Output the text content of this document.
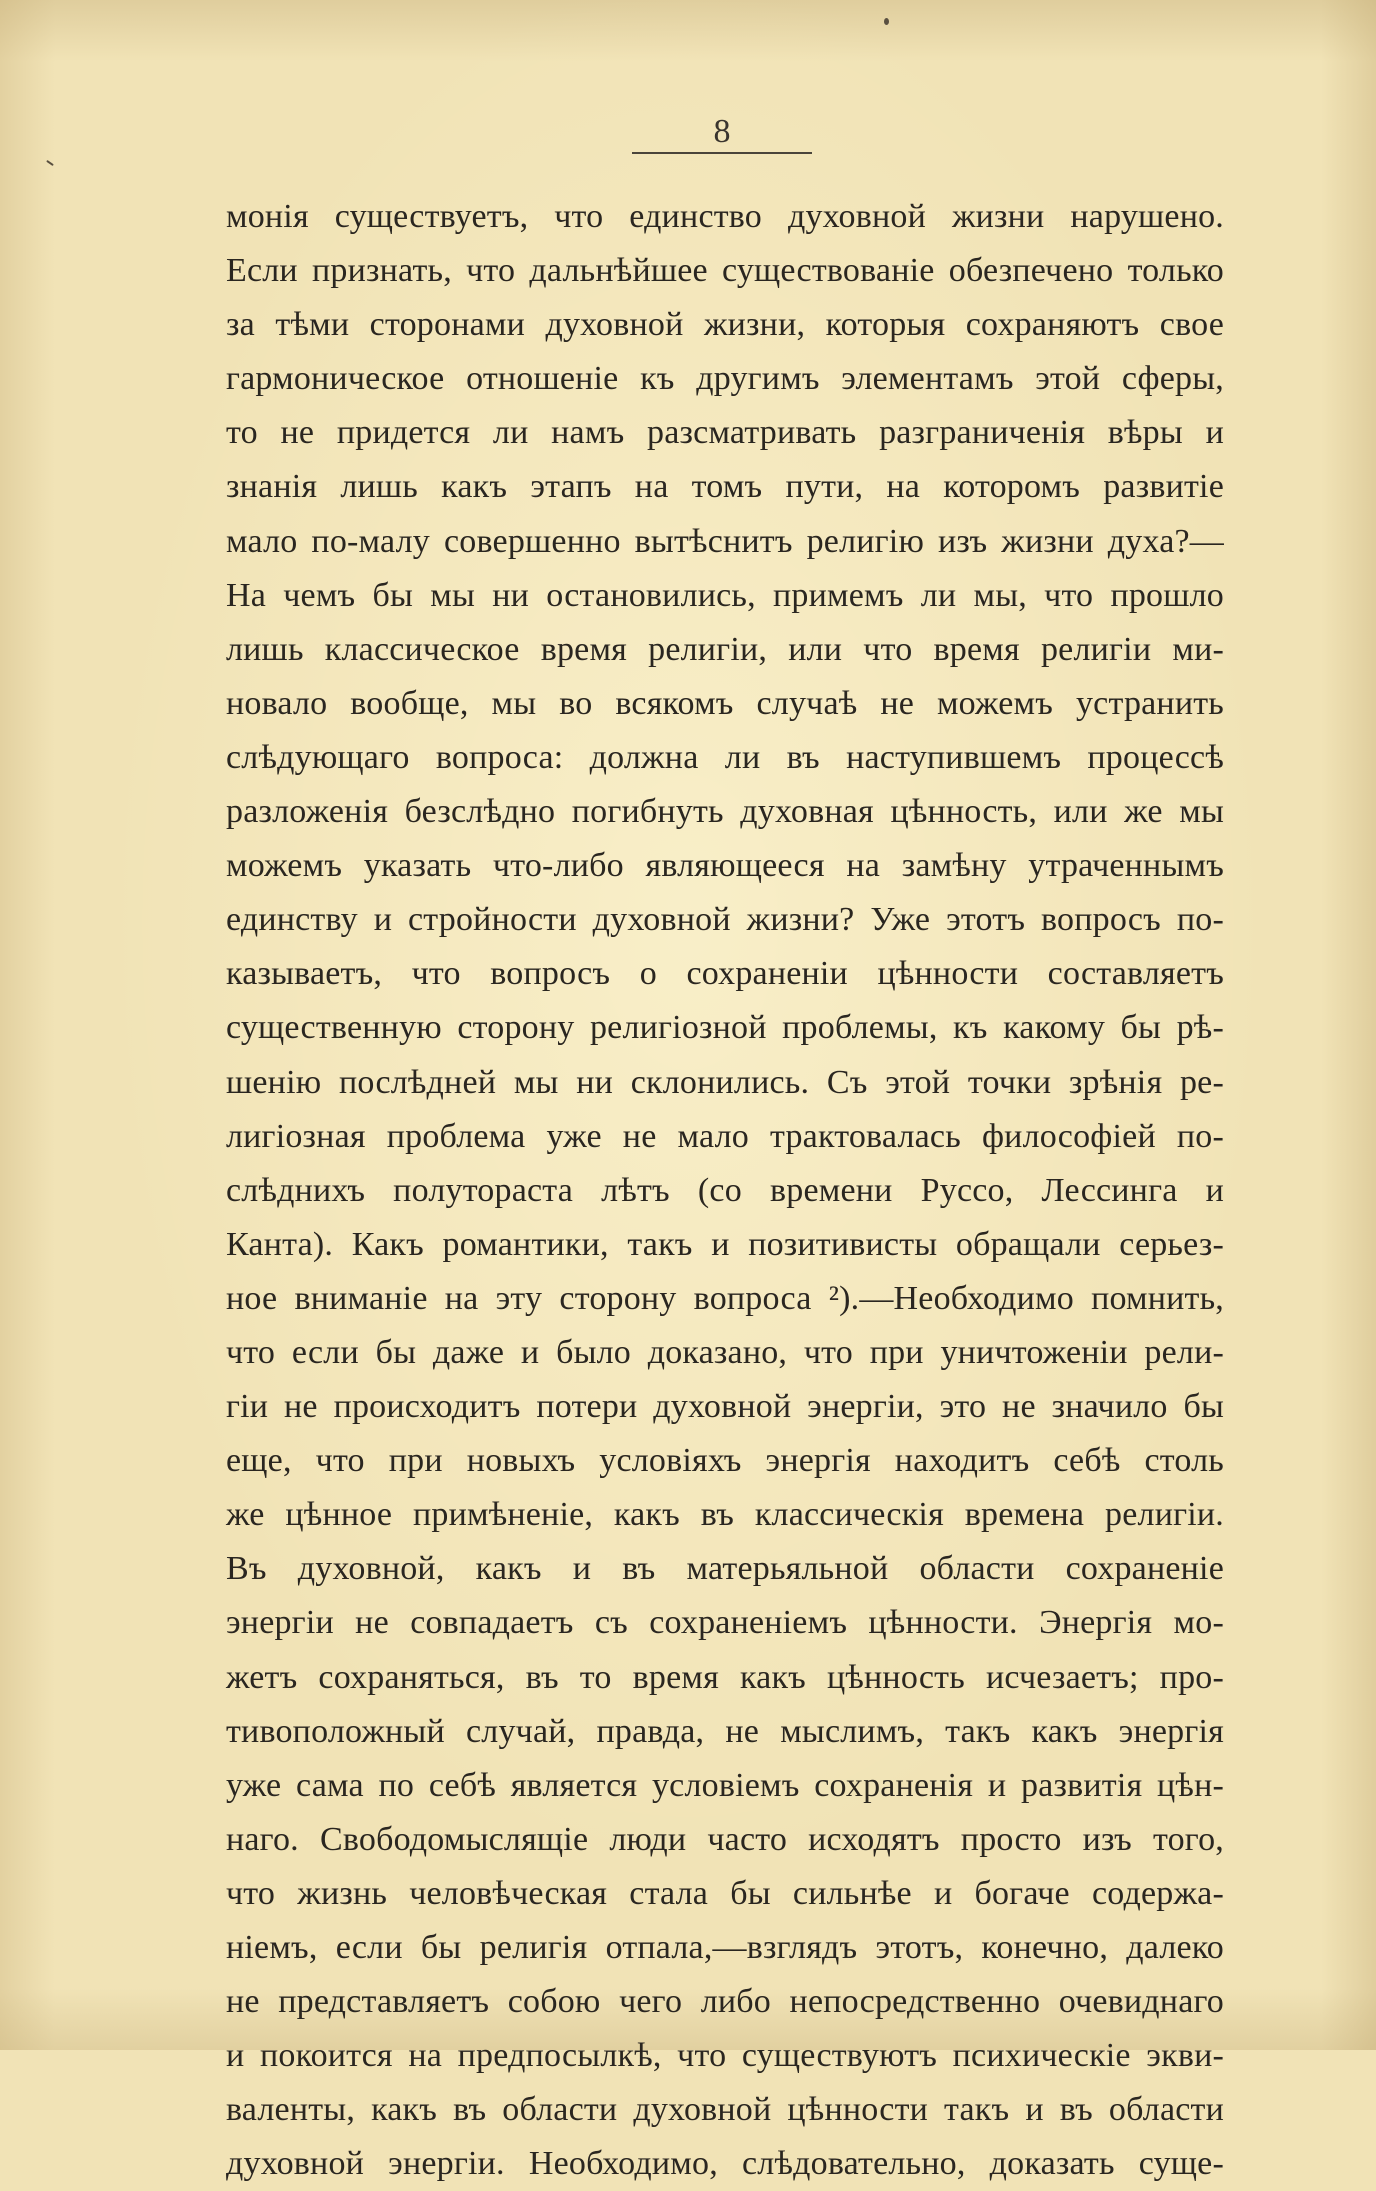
8
монія существуетъ, что единство духовной жизни нарушено.
Если признать, что дальнѣйшее существованіе обезпечено только
за тѣми сторонами духовной жизни, которыя сохраняютъ свое
гармоническое отношеніе къ другимъ элементамъ этой сферы,
то не придется ли намъ разсматривать разграниченія вѣры и
знанія лишь какъ этапъ на томъ пути, на которомъ развитіе
мало по-малу совершенно вытѣснитъ религію изъ жизни духа?—
На чемъ бы мы ни остановились, примемъ ли мы, что прошло
лишь классическое время религіи, или что время религіи ми-
новало вообще, мы во всякомъ случаѣ не можемъ устранить
слѣдующаго вопроса: должна ли въ наступившемъ процессѣ
разложенія безслѣдно погибнуть духовная цѣнность, или же мы
можемъ указать что-либо являющееся на замѣну утраченнымъ
единству и стройности духовной жизни? Уже этотъ вопросъ по-
казываетъ, что вопросъ о сохраненіи цѣнности составляетъ
существенную сторону религіозной проблемы, къ какому бы рѣ-
шенію послѣдней мы ни склонились. Съ этой точки зрѣнія ре-
лигіозная проблема уже не мало трактовалась философіей по-
слѣднихъ полутораста лѣтъ (со времени Руссо, Лессинга и
Канта). Какъ романтики, такъ и позитивисты обращали серьез-
ное вниманіе на эту сторону вопроса ²).—Необходимо помнить,
что если бы даже и было доказано, что при уничтоженіи рели-
гіи не происходитъ потери духовной энергіи, это не значило бы
еще, что при новыхъ условіяхъ энергія находитъ себѣ столь
же цѣнное примѣненіе, какъ въ классическія времена религіи.
Въ духовной, какъ и въ матерьяльной области сохраненіе
энергіи не совпадаетъ съ сохраненіемъ цѣнности. Энергія мо-
жетъ сохраняться, въ то время какъ цѣнность исчезаетъ; про-
тивоположный случай, правда, не мыслимъ, такъ какъ энергія
уже сама по себѣ является условіемъ сохраненія и развитія цѣн-
наго. Свободомыслящіе люди часто исходятъ просто изъ того,
что жизнь человѣческая стала бы сильнѣе и богаче содержа-
ніемъ, если бы религія отпала,—взглядъ этотъ, конечно, далеко
не представляетъ собою чего либо непосредственно очевиднаго
и покоится на предпосылкѣ, что существуютъ психическіе экви-
валенты, какъ въ области духовной цѣнности такъ и въ области
духовной энергіи. Необходимо, слѣдовательно, доказать суще-
